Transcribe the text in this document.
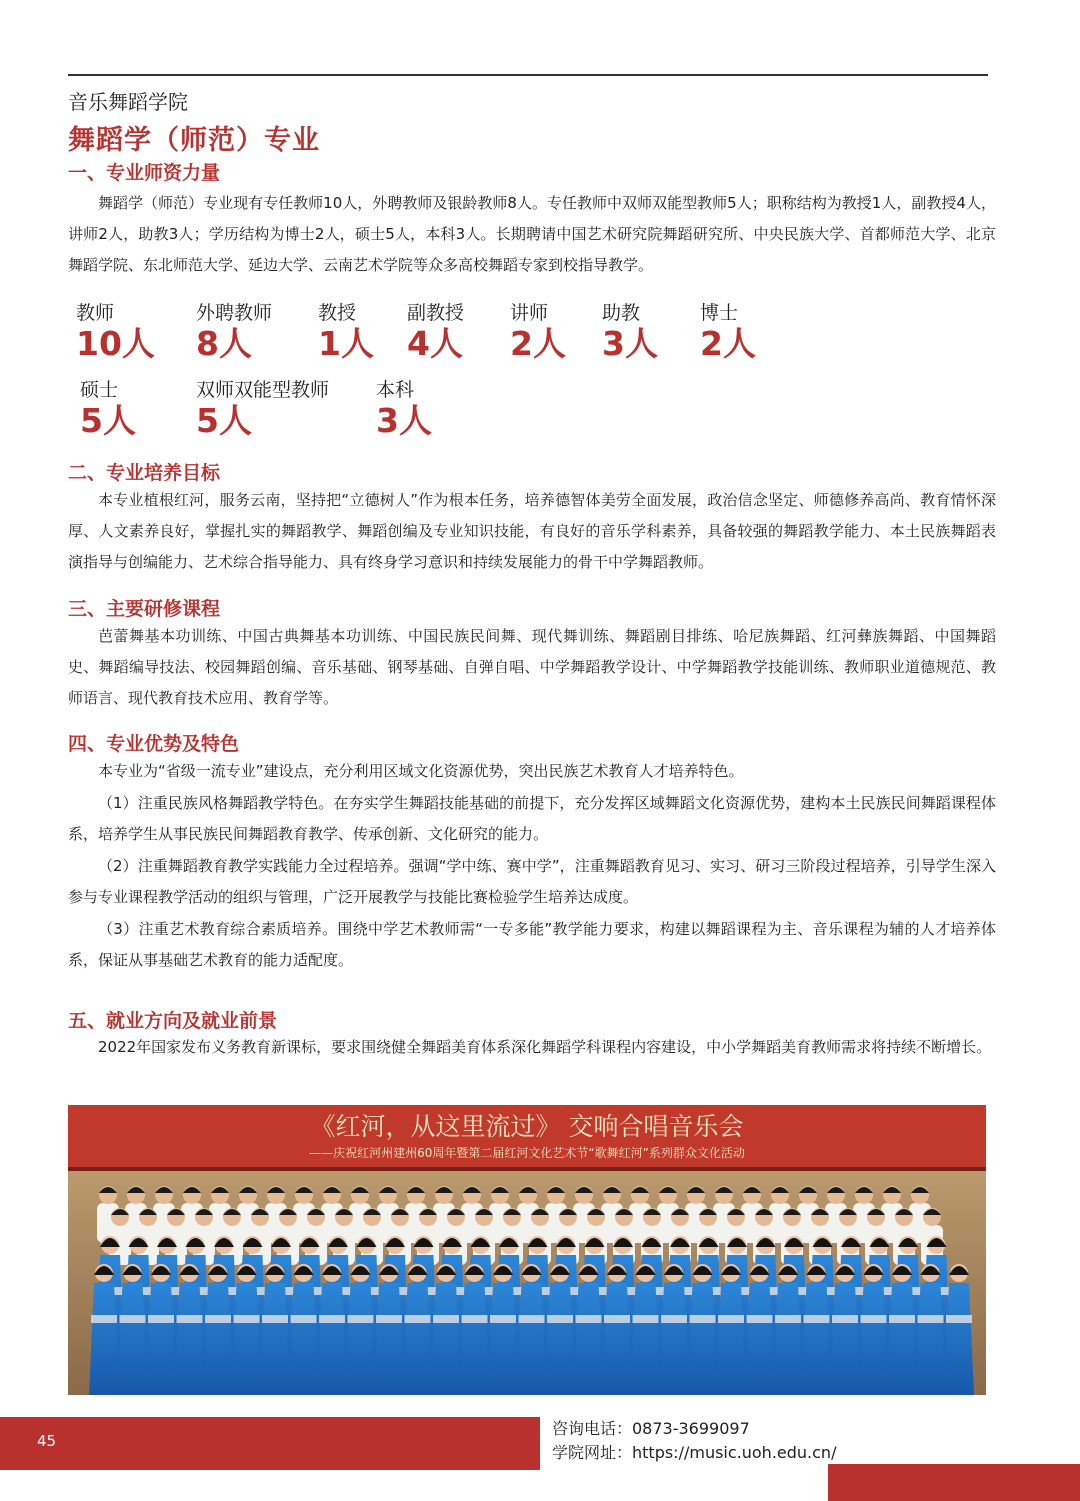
音乐舞蹈学院
舞蹈学（师范）专业
一、专业师资力量

舞蹈学（师范）专业现有专任教师10人，外聘教师及银龄教师8人。专任教师中双师双能型教师5人；职称结构为教授1人，副教授4人，讲师2人，助教3人；学历结构为博士2人，硕士5人，本科3人。长期聘请中国艺术研究院舞蹈研究所、中央民族大学、首都师范大学、北京舞蹈学院、东北师范大学、延边大学、云南艺术学院等众多高校舞蹈专家到校指导教学。

教师
10人
外聘教师
8人
教授
1人
副教授
4人
讲师
2人
助教
3人
博士
2人
硕士
5人
双师双能型教师
5人
本科
3人
二、专业培养目标

本专业植根红河，服务云南，坚持把“立德树人”作为根本任务，培养德智体美劳全面发展，政治信念坚定、师德修养高尚、教育情怀深厚、人文素养良好，掌握扎实的舞蹈教学、舞蹈创编及专业知识技能，有良好的音乐学科素养，具备较强的舞蹈教学能力、本土民族舞蹈表演指导与创编能力、艺术综合指导能力、具有终身学习意识和持续发展能力的骨干中学舞蹈教师。

三、主要研修课程

芭蕾舞基本功训练、中国古典舞基本功训练、中国民族民间舞、现代舞训练、舞蹈剧目排练、哈尼族舞蹈、红河彝族舞蹈、中国舞蹈史、舞蹈编导技法、校园舞蹈创编、音乐基础、钢琴基础、自弹自唱、中学舞蹈教学设计、中学舞蹈教学技能训练、教师职业道德规范、教师语言、现代教育技术应用、教育学等。

四、专业优势及特色

本专业为“省级一流专业”建设点，充分利用区域文化资源优势，突出民族艺术教育人才培养特色。

（1）注重民族风格舞蹈教学特色。在夯实学生舞蹈技能基础的前提下，充分发挥区域舞蹈文化资源优势，建构本土民族民间舞蹈课程体系，培养学生从事民族民间舞蹈教育教学、传承创新、文化研究的能力。

（2）注重舞蹈教育教学实践能力全过程培养。强调“学中练、赛中学”，注重舞蹈教育见习、实习、研习三阶段过程培养，引导学生深入参与专业课程教学活动的组织与管理，广泛开展教学与技能比赛检验学生培养达成度。

（3）注重艺术教育综合素质培养。围绕中学艺术教师需“一专多能”教学能力要求，构建以舞蹈课程为主、音乐课程为辅的人才培养体系，保证从事基础艺术教育的能力适配度。

五、就业方向及就业前景

2022年国家发布义务教育新课标，要求围绕健全舞蹈美育体系深化舞蹈学科课程内容建设，中小学舞蹈美育教师需求将持续不断增长。

《红河，从这里流过》 交响合唱音乐会
——庆祝红河州建州60周年暨第二届红河文化艺术节“歌舞红河”系列群众文化活动
45
咨询电话：0873-3699097
学院网址：https://music.uoh.edu.cn/
